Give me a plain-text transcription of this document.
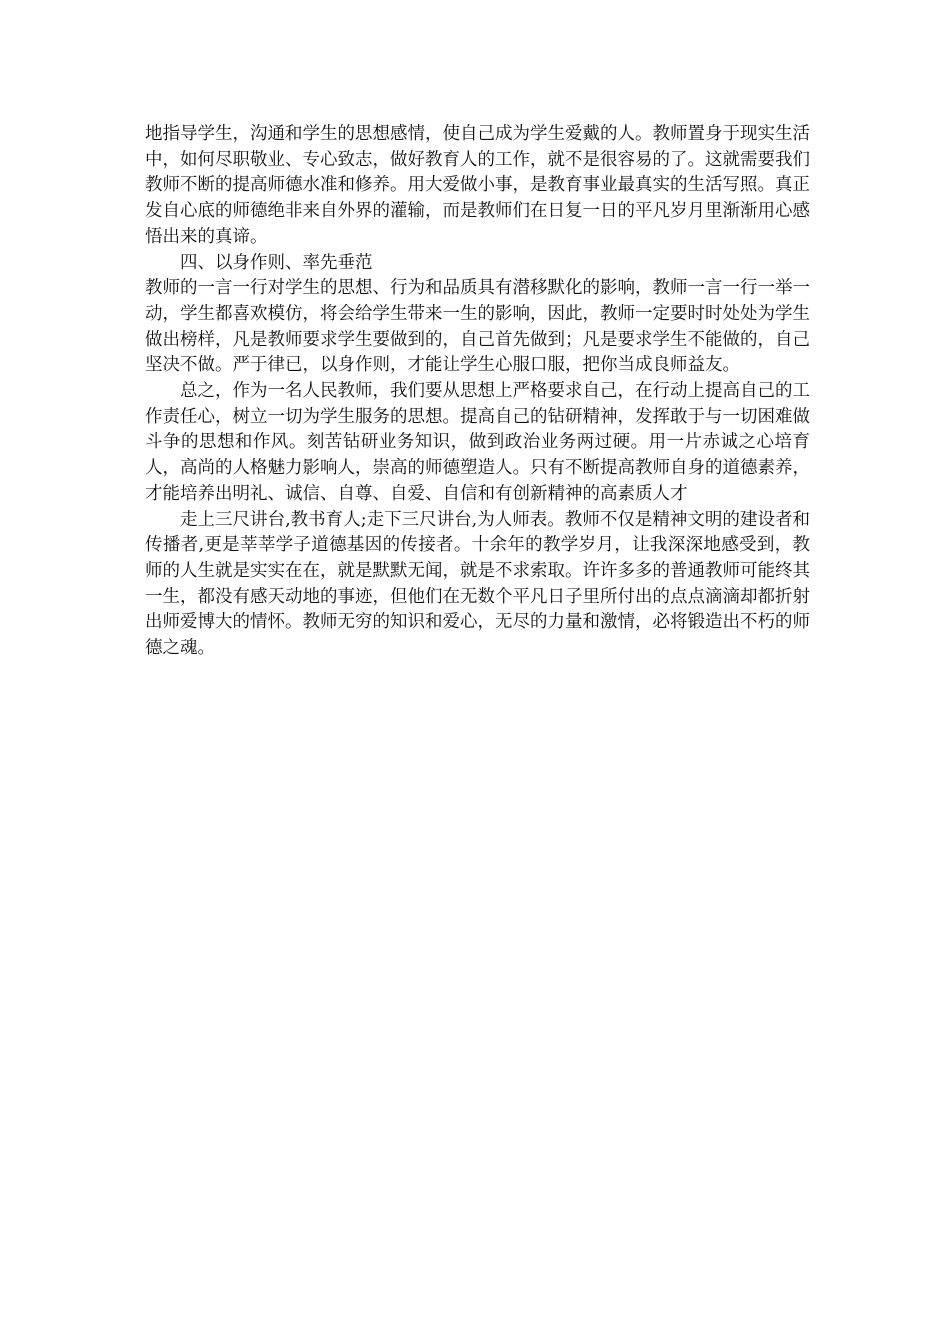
地指导学生，沟通和学生的思想感情，使自己成为学生爱戴的人。教师置身于现实生活中，如何尽职敬业、专心致志，做好教育人的工作，就不是很容易的了。这就需要我们教师不断的提高师德水准和修养。用大爱做小事，是教育事业最真实的生活写照。真正发自心底的师德绝非来自外界的灌输，而是教师们在日复一日的平凡岁月里渐渐用心感悟出来的真谛。

四、以身作则、率先垂范

教师的一言一行对学生的思想、行为和品质具有潜移默化的影响，教师一言一行一举一动，学生都喜欢模仿，将会给学生带来一生的影响，因此，教师一定要时时处处为学生做出榜样，凡是教师要求学生要做到的，自己首先做到；凡是要求学生不能做的，自己坚决不做。严于律已，以身作则，才能让学生心服口服，把你当成良师益友。

总之，作为一名人民教师，我们要从思想上严格要求自己，在行动上提高自己的工作责任心，树立一切为学生服务的思想。提高自己的钻研精神，发挥敢于与一切困难做斗争的思想和作风。刻苦钻研业务知识，做到政治业务两过硬。用一片赤诚之心培育人，高尚的人格魅力影响人，崇高的师德塑造人。只有不断提高教师自身的道德素养，才能培养出明礼、诚信、自尊、自爱、自信和有创新精神的高素质人才

走上三尺讲台,教书育人;走下三尺讲台,为人师表。教师不仅是精神文明的建设者和传播者,更是莘莘学子道德基因的传接者。十余年的教学岁月，让我深深地感受到，教师的人生就是实实在在，就是默默无闻，就是不求索取。许许多多的普通教师可能终其一生，都没有感天动地的事迹，但他们在无数个平凡日子里所付出的点点滴滴却都折射出师爱博大的情怀。教师无穷的知识和爱心，无尽的力量和激情，必将锻造出不朽的师德之魂。
